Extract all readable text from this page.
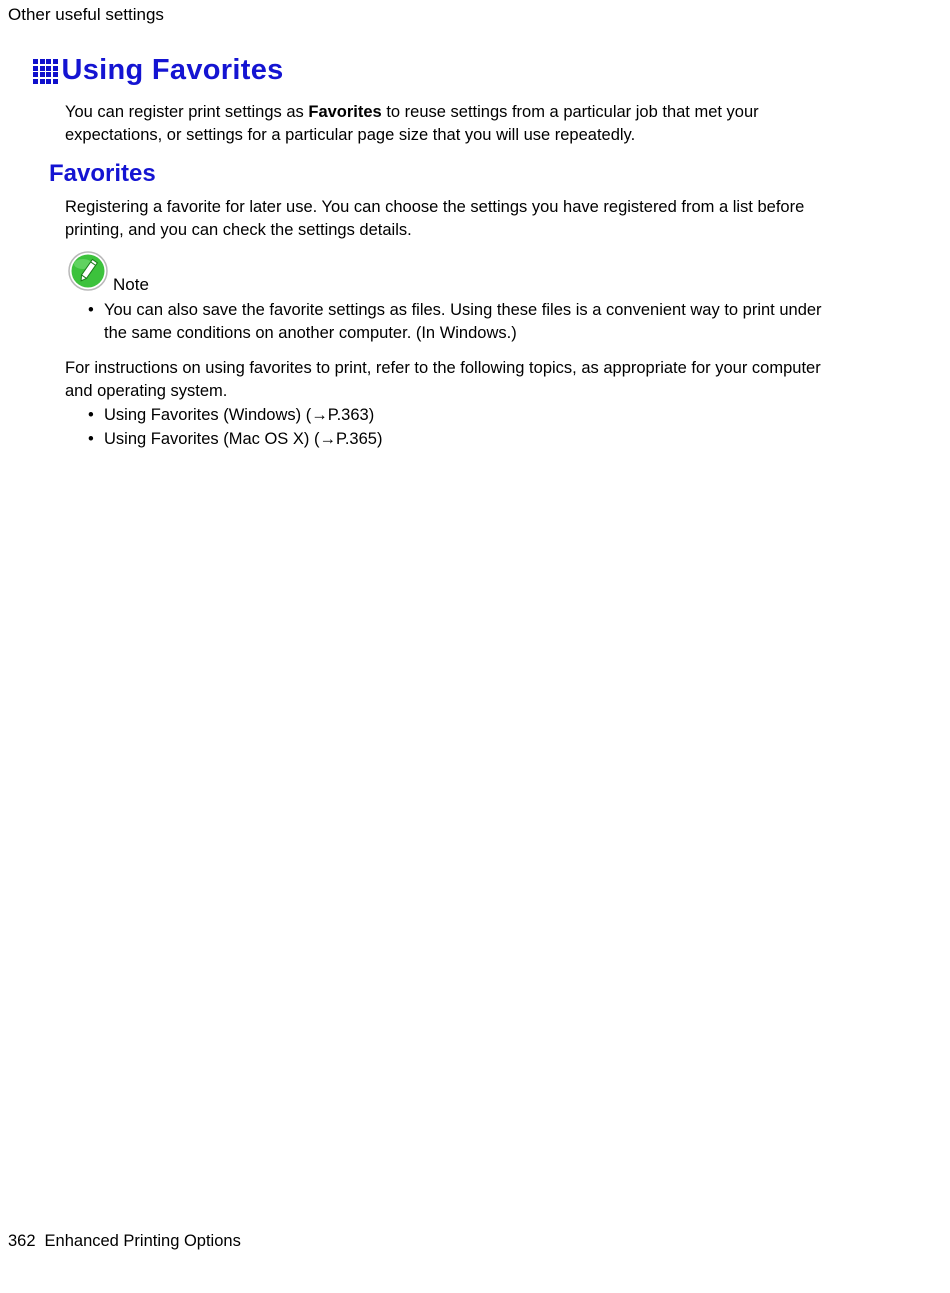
Other useful settings
Using Favorites
You can register print settings as Favorites to reuse settings from a particular job that met your expectations, or settings for a particular page size that you will use repeatedly.
Favorites
Registering a favorite for later use. You can choose the settings you have registered from a list before printing, and you can check the settings details.
Note
• You can also save the favorite settings as files. Using these files is a convenient way to print under the same conditions on another computer. (In Windows.)
For instructions on using favorites to print, refer to the following topics, as appropriate for your computer and operating system.
• Using Favorites (Windows) (→P.363)
• Using Favorites (Mac OS X) (→P.365)
362 Enhanced Printing Options
